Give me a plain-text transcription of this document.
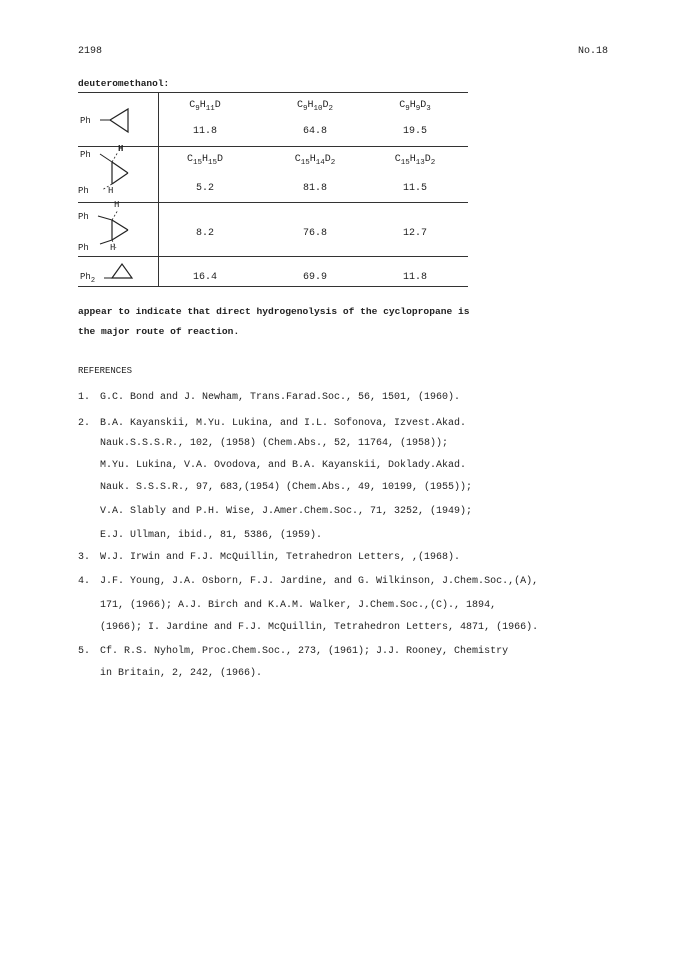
2198	No.18
deuteromethanol:
Ph
$C_9H_{11}D$	$C_9H_{10}D_2$	$C_9H_9D_3$
11.8	64.8	19.5
Ph
H
Ph H
$C_{15}H_{15}D$	$C_{15}H_{14}D_2$	$C_{15}H_{13}D_2$
5.2	81.8	11.5
H
Ph
Ph H
8.2	76.8	12.7
$Ph_2$	16.4	69.9	11.8
appear to indicate that direct hydrogenolysis of the cyclopropane is
the major route of reaction.
REFERENCES
1. G.C. Bond and J. Newham, Trans.Farad.Soc., 56, 1501, (1960).
2. B.A. Kayanskii, M.Yu. Lukina, and I.L. Sofonova, Izvest.Akad.
Nauk.S.S.S.R., 102, (1958) (Chem.Abs., 52, 11764, (1958));
M.Yu. Lukina, V.A. Ovodova, and B.A. Kayanskii, Doklady.Akad.
Nauk. S.S.S.R., 97, 683,(1954) (Chem.Abs., 49, 10199, (1955));
V.A. Slably and P.H. Wise, J.Amer.Chem.Soc., 71, 3252, (1949);
E.J. Ullman, ibid., 81, 5386, (1959).
3. W.J. Irwin and F.J. McQuillin, Tetrahedron Letters, ,(1968).
4. J.F. Young, J.A. Osborn, F.J. Jardine, and G. Wilkinson, J.Chem.Soc.,(A),
171, (1966); A.J. Birch and K.A.M. Walker, J.Chem.Soc.,(C)., 1894,
(1966); I. Jardine and F.J. McQuillin, Tetrahedron Letters, 4871, (1966).
5. Cf. R.S. Nyholm, Proc.Chem.Soc., 273, (1961); J.J. Rooney, Chemistry
in Britain, 2, 242, (1966).
